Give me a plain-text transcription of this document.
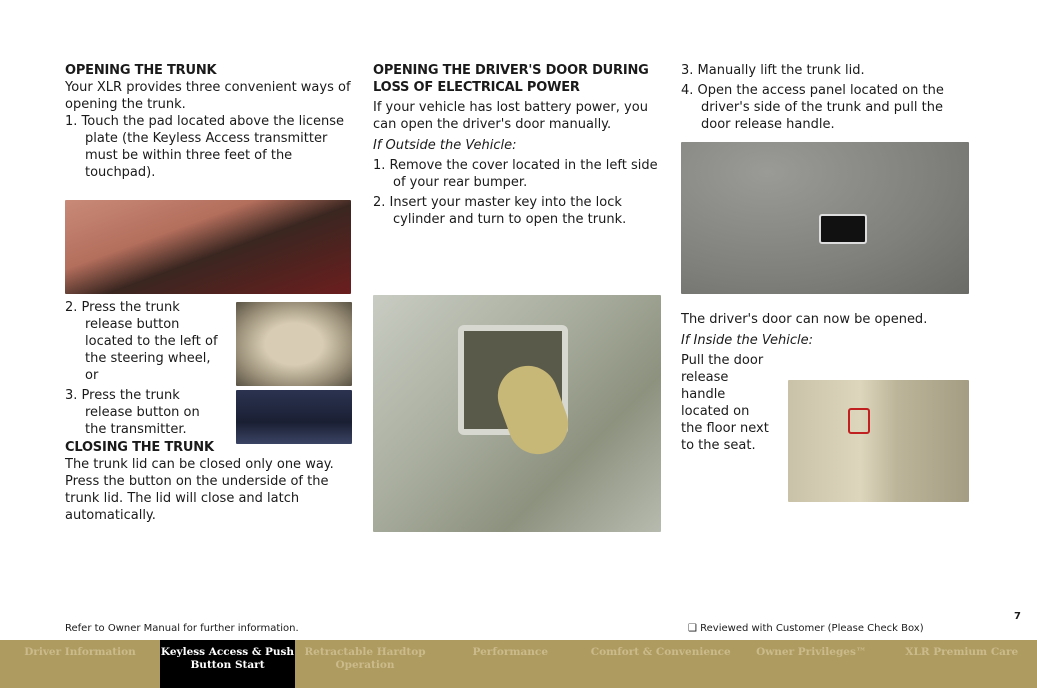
OPENING THE TRUNK

Your XLR provides three convenient ways of opening the trunk.

1. Touch the pad located above the license plate (the Keyless Access transmitter must be within three feet of the touchpad).
2. Press the trunk release button located to the left of the steering wheel, or
3. Press the trunk release button on the transmitter.
CLOSING THE TRUNK

The trunk lid can be closed only one way. Press the button on the underside of the trunk lid. The lid will close and latch automatically.

OPENING THE DRIVER'S DOOR DURING LOSS OF ELECTRICAL POWER

If your vehicle has lost battery power, you can open the driver's door manually.

If Outside the Vehicle:

1. Remove the cover located in the left side of your rear bumper.
2. Insert your master key into the lock cylinder and turn to open the trunk.
3. Manually lift the trunk lid.
4. Open the access panel located on the driver's side of the trunk and pull the door release handle.

The driver's door can now be opened.

If Inside the Vehicle:

Pull the door release handle located on the floor next to the seat.

Refer to Owner Manual for further information.	❑ Reviewed with Customer (Please Check Box)
7
Driver Information	Keyless Access & Push Button Start
Retractable Hardtop Operation
Performance	Comfort & Convenience	Owner Privileges™	XLR Premium Care
